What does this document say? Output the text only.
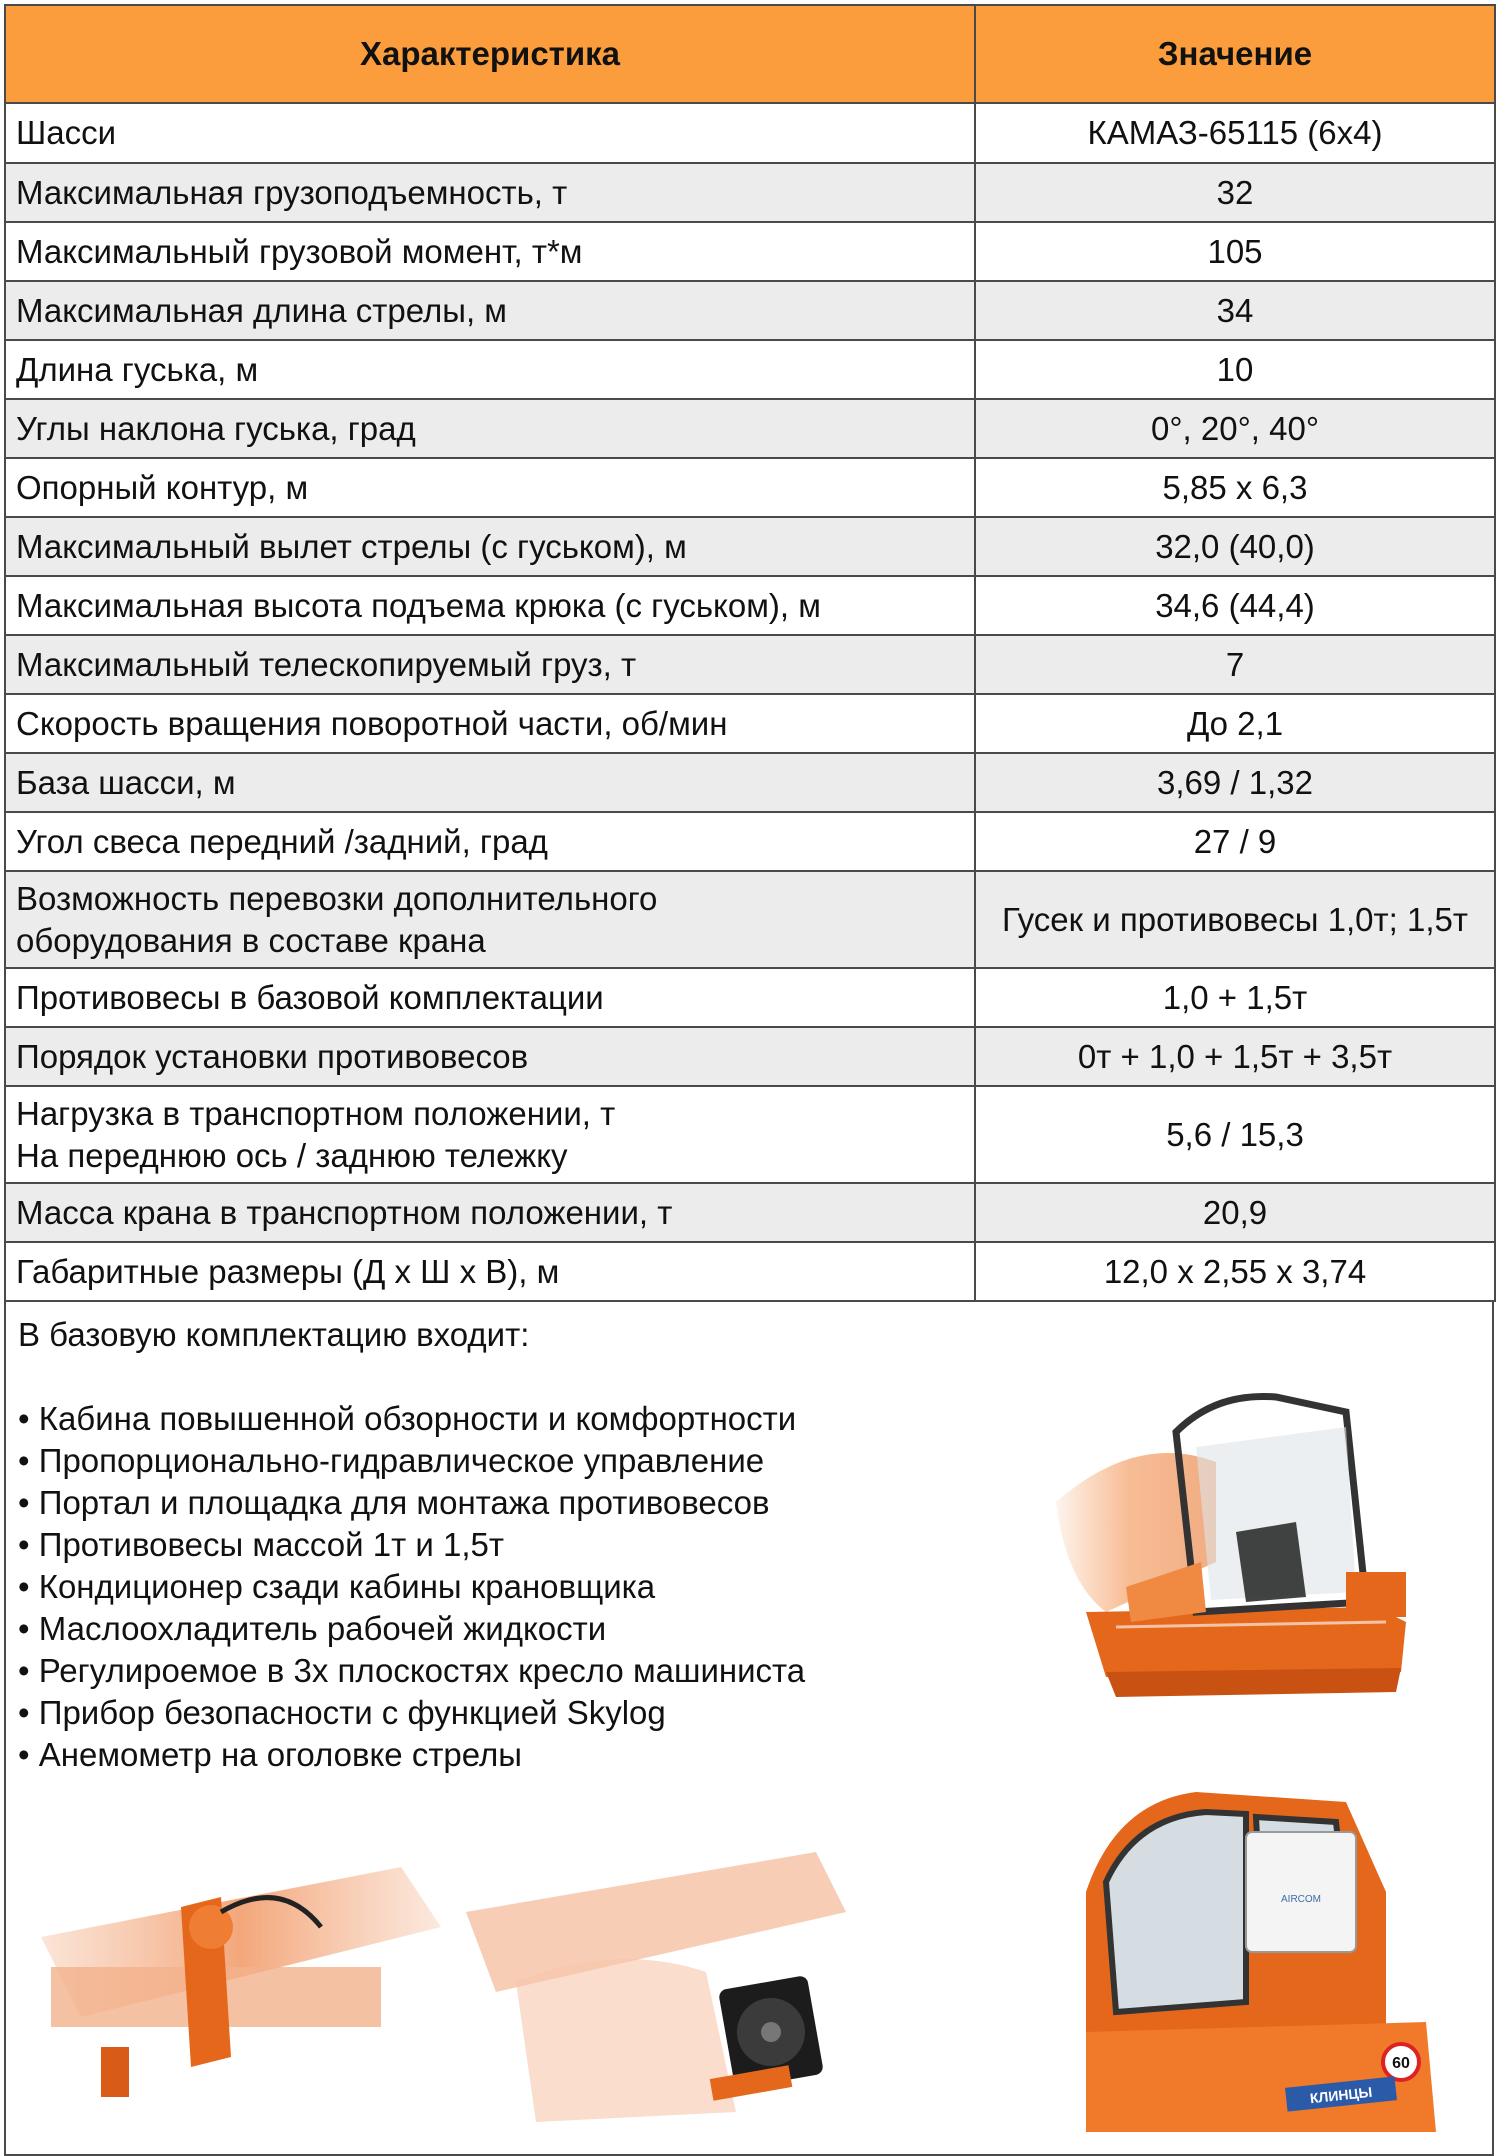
Характеристика	Значение
Шасси	КАМАЗ-65115 (6x4)
Максимальная грузоподъемность, т	32
Максимальный грузовой момент, т*м	105
Максимальная длина стрелы, м	34
Длина гуська, м	10
Углы наклона гуська, град	0°, 20°, 40°
Опорный контур, м	5,85 х 6,3
Максимальный вылет стрелы (с гуськом), м	32,0 (40,0)
Максимальная высота подъема крюка (с гуськом), м	34,6 (44,4)
Максимальный телескопируемый груз, т	7
Скорость вращения поворотной части, об/мин	До 2,1
База шасси, м	3,69 / 1,32
Угол свеса передний /задний, град	27 / 9

Возможность перевозки дополнительного
оборудования в составе крана	Гусек и противовесы 1,0т; 1,5т
Противовесы в базовой комплектации	1,0 + 1,5т
Порядок установки противовесов	0т + 1,0 + 1,5т + 3,5т

Нагрузка в транспортном положении, т
На переднюю ось / заднюю тележку	5,6 / 15,3
Масса крана в транспортном положении, т	20,9
Габаритные размеры (Д х Ш х В), м	12,0 х 2,55 х 3,74
В базовую комплектацию входит:
• Кабина повышенной обзорности и комфортности
• Пропорционально-гидравлическое управление
• Портал и площадка для монтажа противовесов
• Противовесы массой 1т и 1,5т
• Кондиционер сзади кабины крановщика
• Маслоохладитель рабочей жидкости
• Регулироемое в 3х плоскостях кресло машиниста
• Прибор безопасности с функцией Skylog
• Анемометр на оголовке стрелы
AIRCOM
60
КЛИНЦЫ
